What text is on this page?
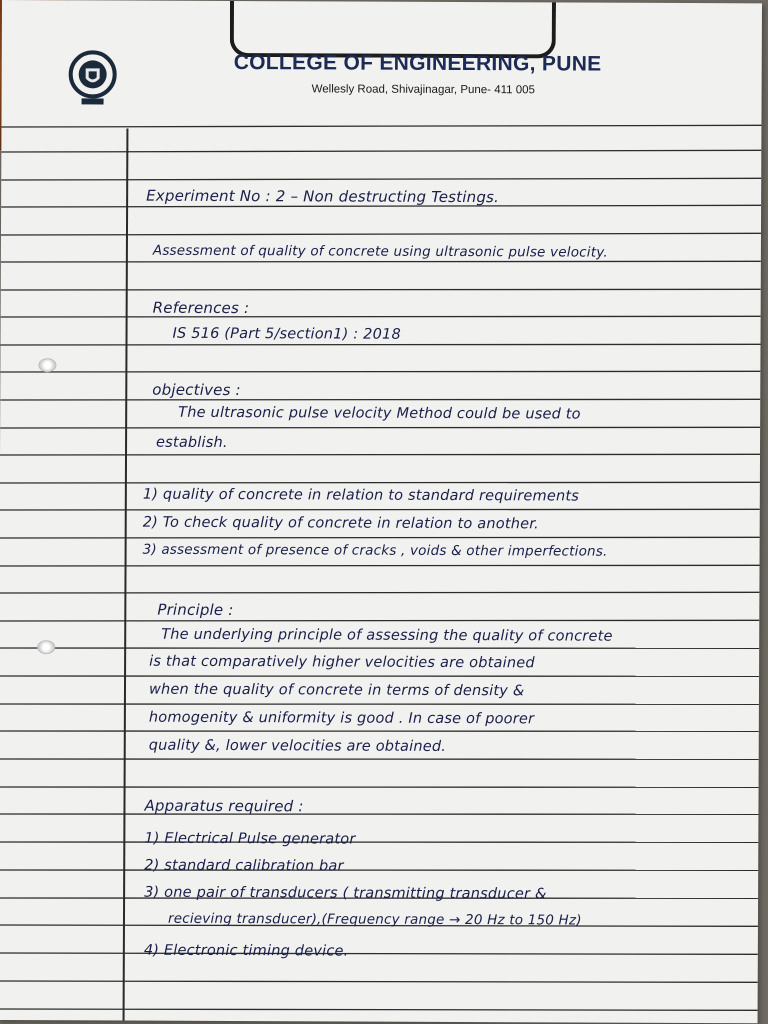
COLLEGE OF ENGINEERING, PUNE
Wellesly Road, Shivajinagar, Pune- 411 005
Experiment No : 2 – Non destructing Testings.
Assessment of quality of concrete using ultrasonic pulse velocity.
References :
IS 516 (Part 5/section1) : 2018
objectives :
The ultrasonic pulse velocity Method could be used to
establish.
1) quality of concrete in relation to standard requirements
2) To check quality of concrete in relation to another.
3) assessment of presence of cracks , voids & other imperfections.
Principle :
The underlying principle of assessing the quality of concrete
is that comparatively higher velocities are obtained
when the quality of concrete in terms of density &
homogenity & uniformity is good . In case of poorer
quality &, lower velocities are obtained.
Apparatus required :
1) Electrical Pulse generator
2) standard calibration bar
3) one pair of transducers ( transmitting transducer &
recieving transducer),(Frequency range → 20 Hz to 150 Hz)
4) Electronic timing device.
